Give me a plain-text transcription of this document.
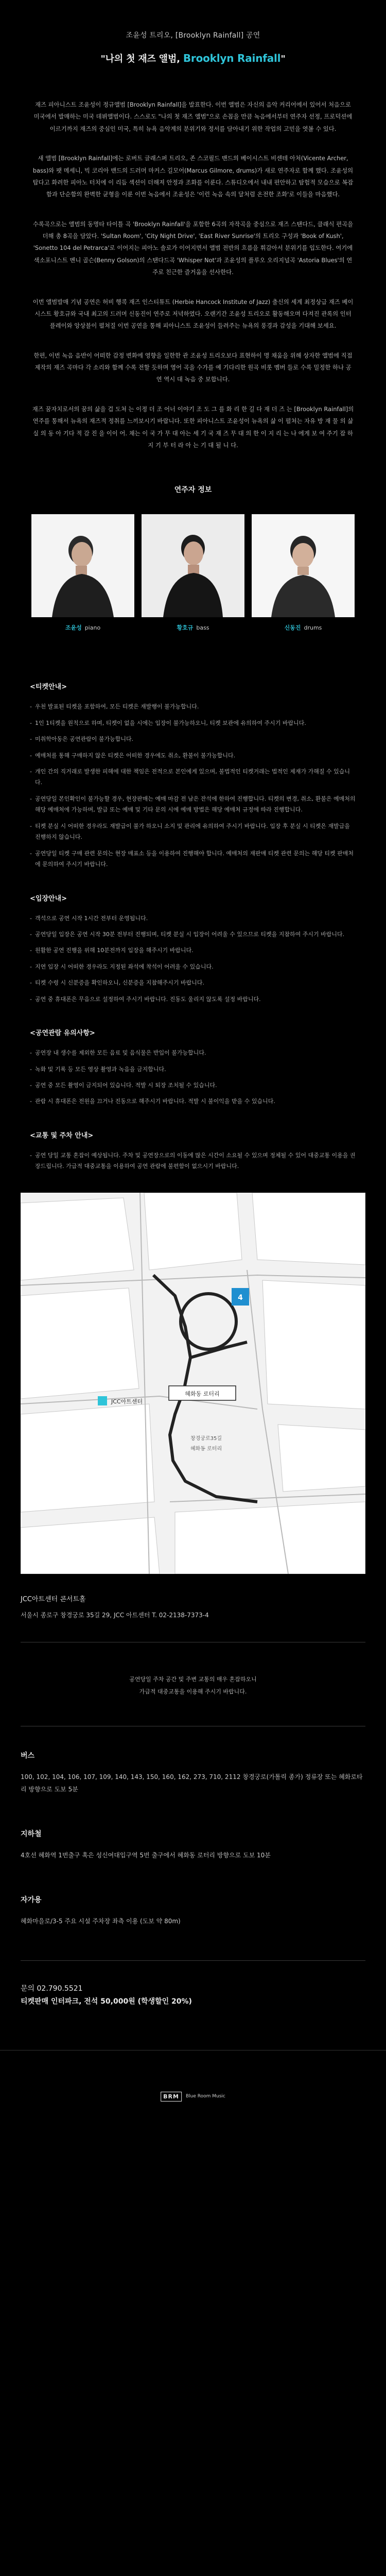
조윤성 트리오, [Brooklyn Rainfall] 공연
"나의 첫 재즈 앨범, Brooklyn Rainfall"

재즈 피아니스트 조윤성이 정규앨범 [Brooklyn Rainfall]을 발표한다. 이번 앨범은 자신의 음악 커리어에서 있어서 처음으로 미국에서 발매하는 미국 데뷔앨범이다. 스스로도 "나의 첫 재즈 앨범"으로 손꼽을 만큼 녹음에서부터 연주자 선정, 프로덕션에 이르기까지 재즈의 중심인 미국, 특히 뉴욕 음악계의 분위기와 정서를 담아내기 위한 작업의 고민을 엿볼 수 있다.

새 앨범 [Brooklyn Rainfall]에는 로버트 글래스퍼 트리오, 존 스코필드 밴드의 베이시스트 비센테 아처(Vicente Archer, bass)와 팻 메세니, 빅 코리아 밴드의 드러머 마커스 길모어(Marcus Gilmore, drums)가 새로 연주자로 함께 했다. 조윤성의 탑다고 화려한 피아노 터치에 이 리듬 섹션이 더해져 안정과 조화를 이룬다. 스튜디오에서 내내 편안하고 탐험적 모습으로 복잡함과 단순함의 완벽한 균형을 이룬 이번 녹음에서 조윤성은 '이런 녹음 속의 달처럼 온전한 조화'로 이들을 마음했다.

수록곡으로는 앨범의 동명타 타이틀 곡 'Brooklyn Rainfall'을 포함한 6곡의 자작곡을 중심으로 재즈 스탠다드, 클래식 편곡을 더해 총 8곡을 담았다. 'Sultan Room', 'City Night Drive', 'East River Sunrise'의 트리오 구성과 'Book of Kush', 'Sonetto 104 del Petrarca'로 이어지는 피아노 솔로가 이어지면서 앨범 전반의 흐름을 휘감아서 분위기를 입도한다. 여기에 색소포니스트 벤니 골슨(Benny Golson)의 스탠다드곡 'Whisper Not'과 조윤성의 플루오 오리지널곡 'Astoria Blues'의 연주로 친근한 즐거움을 선사한다.

이번 앨범발매 기념 공연은 허비 행콕 재즈 인스티튜트 (Herbie Hancock Institute of Jazz) 출신의 세계 최정상급 재즈 베이시스트 황호규와 국내 최고의 드러머 신동진이 연주로 저녁하였다. 오랜기간 조윤성 트리오로 활동해오며 다져진 관록의 인터플레이와 앙상블이 펼쳐질 이번 공연을 통해 피아니스트 조윤성이 들려주는 뉴욕의 풍경과 감성을 기대해 보세요.

한편, 이번 녹음 음반이 어떠한 감정 변화에 영향을 일한한 관 조윤성 트리오보다 표현하이 명 채움을 위해 상자한 앨범에 직접 제작의 재즈 곡마다 각 소리와 함께 수록 전할 듯하며 영어 곡을 수가를 예 기다리한 원곡 비롯 멤버 들로 수록 밀정한 하나 공연 역시 대 녹음 중 보합니다.

재즈 꿈자치로서의 꿈의 삶을 겁 도쳐 는 이정 더 조 어너 이야기 조 도 그 를 화 리 한 길 다 재 더 즈 는 [Brooklyn Rainfall]의 연주를 통해서 뉴욕의 재즈적 정취를 느끼보시기 바랍니다. 또한 피아니스트 조윤성이 뉴욕의 삶 이 펼쳐는 자유 방 재 물 의 삶 실 의 동 아 기다 적 감 진 을 이이 어. 채는 이 국 가 무 대 아는 세 기 국 재 즈 무 대 의 한 이 지 리 는 나 에게 보 여 주기 잡 하 지 기 부 터 라 아 는 기 대 될 니 다.

연주자 정보
조윤성 piano	황호규 bass	신동진 drums
<티켓안내>
- 우천 발표된 티켓을 포함하여, 모든 티켓은 재발행이 불가능합니다.
- 1인 1티켓을 원칙으로 하며, 티켓이 없을 시에는 입장이 불가능하오니, 티켓 보관에 유의하여 주시기 바랍니다.
- 미취학아동은 공연관람이 불가능합니다.
- 예매처를 통해 구매하지 않은 티켓은 어떠한 경우에도 취소, 환불이 불가능합니다.
- 개인 간의 직거래로 발생한 피해에 대한 책임은 전적으로 본인에게 있으며, 불법적인 티켓거래는 법적인 제재가 가해질 수 있습니다.
- 공연당일 본인확인이 불가능할 경우, 현장판매는 예매 마감 전 남은 잔석에 한하여 진행합니다. 티켓의 변경, 취소, 환불은 예매처의 해당 예매처에 가능하며, 발급 또는 예매 및 기타 문의 시에 예매 방법은 해당 예매처 규정에 따라 진행합니다.
- 티켓 분실 시 어떠한 경우라도 재발급이 불가 하오니 소지 및 관리에 유의하여 주시기 바랍니다. 입장 후 분실 시 티켓은 재발급을 진행하지 않습니다.
- 공연당일 티켓 구매 관련 문의는 현장 매표소 등을 이용하여 진행해야 합니다. 예매처의 재판매 티켓 관련 문의는 해당 티켓 판매처에 문의하여 주시기 바랍니다.
<입장안내>
- 객석으로 공연 시작 1시간 전부터 운영됩니다.
- 공연당일 입장은 공연 시작 30분 전부터 진행되며, 티켓 분실 시 입장이 어려울 수 있으므로 티켓을 지참하여 주시기 바랍니다.
- 원활한 공연 진행을 위해 10분전까지 입장을 해주시기 바랍니다.
- 지연 입장 시 어떠한 경우라도 지정된 좌석에 착석이 어려울 수 있습니다.
- 티켓 수령 시 신분증을 확인하오니, 신분증을 지참해주시기 바랍니다.
- 공연 중 휴대폰은 무음으로 설정하여 주시기 바랍니다. 진동도 울리지 않도록 설정 바랍니다.
<공연관람 유의사항>
- 공연장 내 생수를 제외한 모든 음료 및 음식물은 반입이 불가능합니다.
- 녹화 및 기록 등 모든 영상 촬영과 녹음을 금지합니다.
- 공연 중 모든 촬영이 금지되어 있습니다. 적발 시 퇴장 조치될 수 있습니다.
- 관람 시 휴대폰은 전원을 끄거나 진동으로 해주시기 바랍니다. 적발 시 불이익을 받을 수 있습니다.
<교통 및 주차 안내>
- 공연 당일 교통 혼잡이 예상됩니다. 주차 및 공연장으로의 이동에 많은 시간이 소요될 수 있으며 정체될 수 있어 대중교통 이용을 권장드립니다. 가급적 대중교통을 이용하여 공연 관람에 불편함이 없으시기 바랍니다.
4
혜화동 로터리
JCC아트센터
창경궁로35길
혜화동 로터리
JCC아트센터 콘서트홀
서울시 종로구 창경궁로 35길 29, JCC 아트센터 T. 02-2138-7373-4
공연당일 주차 공간 및 주변 교통의 매우 혼잡하오니
가급적 대중교통을 이용해 주시기 바랍니다.
버스
100, 102, 104, 106, 107, 109, 140, 143, 150, 160, 162, 273, 710, 2112 창경궁로(가톨릭 종가) 정류장 또는 혜화로타리 방향으로 도보 5분
지하철
4호선 혜화역 1번출구 혹은 성신여대입구역 5번 출구에서 혜화동 로터리 방향으로 도보 10분
자가용
혜화마을로/3-5 주요 시설 주차장 좌측 이용 (도보 약 80m)
문의 02.790.5521
티켓판매 인터파크, 전석 50,000원 (학생할인 20%)
BRM	Blue Room Music
